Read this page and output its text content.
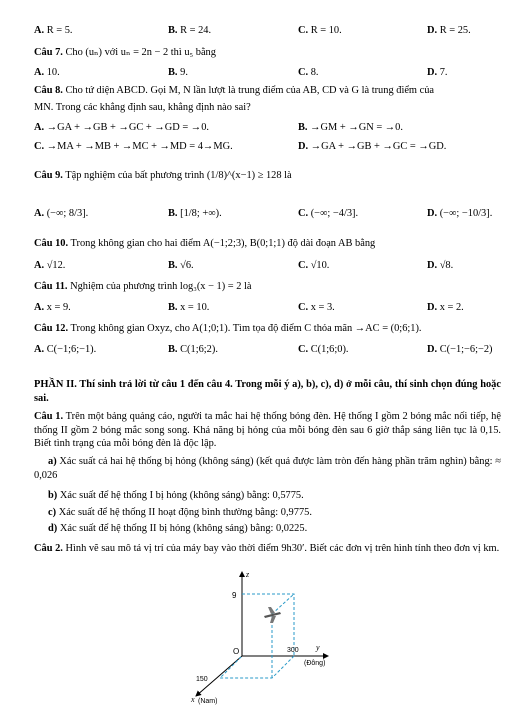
A. R = 5.	B. R = 24.	C. R = 10.	D. R = 25.
Câu 7. Cho (uₙ) với uₙ = 2n − 2 thì u₅ bằng
A. 10.	B. 9.	C. 8.	D. 7.
Câu 8. Cho tứ diện ABCD. Gọi M, N lần lượt là trung điểm của AB, CD và G là trung điểm của
MN. Trong các khẳng định sau, khẳng định nào sai?
A. →GA + →GB + →GC + →GD = →0.	B. →GM + →GN = →0.
C. →MA + →MB + →MC + →MD = 4→MG.	D. →GA + →GB + →GC = →GD.
Câu 9. Tập nghiệm của bất phương trình (1/8)^(x−1) ≥ 128 là
A. (−∞; 8/3].	B. [1/8; +∞).	C. (−∞; −4/3].	D. (−∞; −10/3].
Câu 10. Trong không gian cho hai điểm A(−1;2;3), B(0;1;1) độ dài đoạn AB bằng
A. √12.	B. √6.	C. √10.	D. √8.
Câu 11. Nghiệm của phương trình log₃(x − 1) = 2 là
A. x = 9.	B. x = 10.	C. x = 3.	D. x = 2.
Câu 12. Trong không gian Oxyz, cho A(1;0;1). Tìm tọa độ điểm C thỏa mãn →AC = (0;6;1).
A. C(−1;6;−1).	B. C(1;6;2).	C. C(1;6;0).	D. C(−1;−6;−2)
PHẦN II. Thí sinh trả lời từ câu 1 đến câu 4. Trong mỗi ý a), b), c), d) ở mỗi câu, thí sinh chọn đúng hoặc sai.
Câu 1. Trên một bảng quảng cáo, người ta mắc hai hệ thống bóng đèn. Hệ thống I gồm 2 bóng mắc nối tiếp, hệ thống II gồm 2 bóng mắc song song. Khả năng bị hỏng của mỗi bóng đèn sau 6 giờ thắp sáng liên tục là 0,15. Biết tình trạng của mỗi bóng đèn là độc lập.
a) Xác suất cả hai hệ thống bị hỏng (không sáng) (kết quả được làm tròn đến hàng phần trăm nghìn) bằng: ≈ 0,026
b) Xác suất để hệ thống I bị hỏng (không sáng) bằng: 0,5775.
c) Xác suất để hệ thống II hoạt động bình thường bằng: 0,9775.
d) Xác suất để hệ thống II bị hỏng (không sáng) bằng: 0,0225.
Câu 2. Hình vẽ sau mô tả vị trí của máy bay vào thời điểm 9h30′. Biết các đơn vị trên hình tính theo đơn vị km.
z
9
O	y
300
(Đông)
150
x (Nam)
